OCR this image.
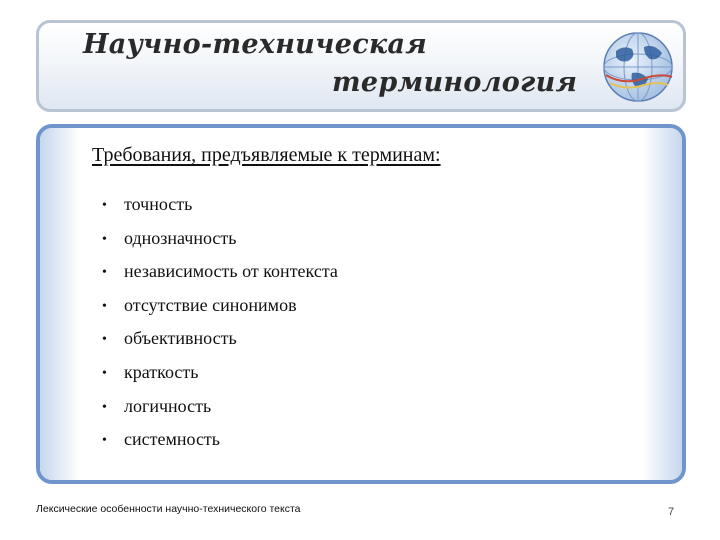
Научно-техническая
терминология
Требования, предъявляемые к терминам:
• точность
• однозначность
• независимость от контекста
• отсутствие синонимов
• объективность
• краткость
• логичность
• системность
Лексические особенности научно-технического текста	7
